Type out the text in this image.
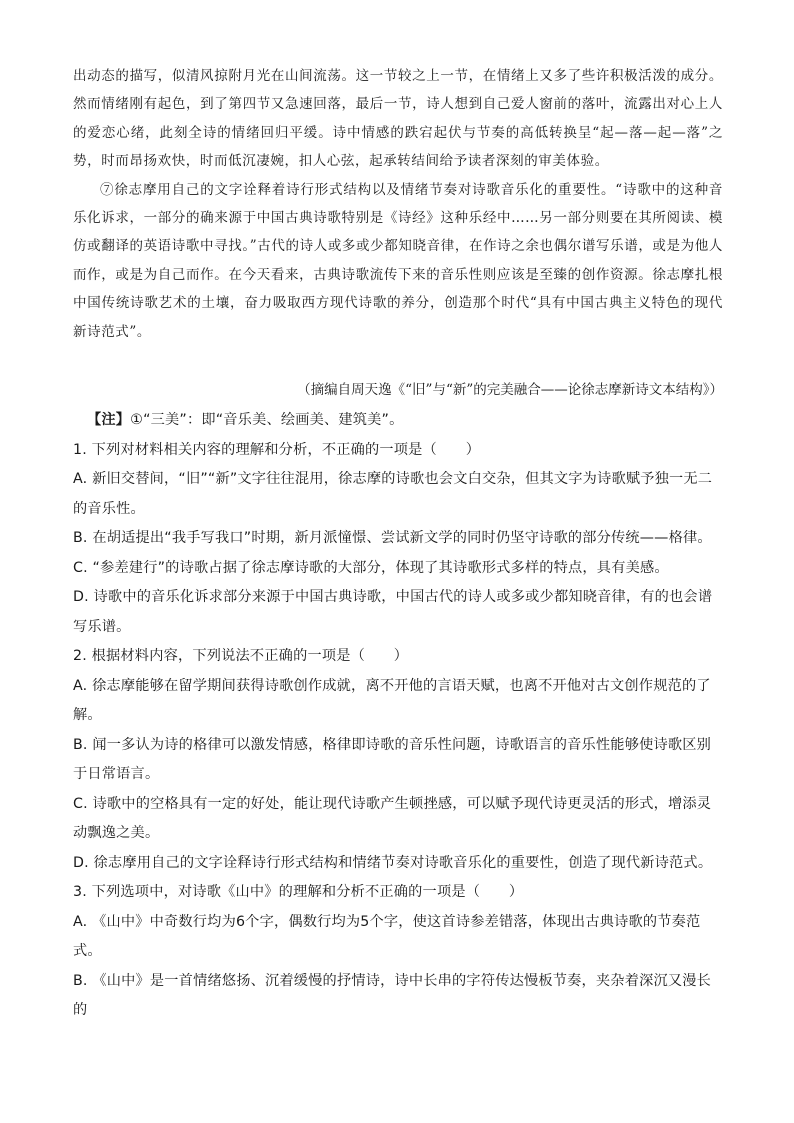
出动态的描写，似清风掠附月光在山间流荡。这一节较之上一节，在情绪上又多了些许积极活泼的成分。然而情绪刚有起色，到了第四节又急速回落，最后一节，诗人想到自己爱人窗前的落叶，流露出对心上人的爱恋心绪，此刻全诗的情绪回归平缓。诗中情感的跌宕起伏与节奏的高低转换呈“起—落—起—落”之势，时而昂扬欢快，时而低沉凄婉，扣人心弦，起承转结间给予读者深刻的审美体验。

⑦徐志摩用自己的文字诠释着诗行形式结构以及情绪节奏对诗歌音乐化的重要性。“诗歌中的这种音乐化诉求，一部分的确来源于中国古典诗歌特别是《诗经》这种乐经中……另一部分则要在其所阅读、模仿或翻译的英语诗歌中寻找。”古代的诗人或多或少都知晓音律，在作诗之余也偶尔谱写乐谱，或是为他人而作，或是为自己而作。在今天看来，古典诗歌流传下来的音乐性则应该是至臻的创作资源。徐志摩扎根中国传统诗歌艺术的土壤，奋力吸取西方现代诗歌的养分，创造那个时代“具有中国古典主义特色的现代新诗范式”。

（摘编自周天逸《“旧”与“新”的完美融合——论徐志摩新诗文本结构》）

【注】①“三美”：即“音乐美、绘画美、建筑美”。

1. 下列对材料相关内容的理解和分析，不正确的一项是（　　）

A. 新旧交替间，“旧”“新”文字往往混用，徐志摩的诗歌也会文白交杂，但其文字为诗歌赋予独一无二的音乐性。

B. 在胡适提出“我手写我口”时期，新月派憧憬、尝试新文学的同时仍坚守诗歌的部分传统——格律。

C. “参差建行”的诗歌占据了徐志摩诗歌的大部分，体现了其诗歌形式多样的特点，具有美感。

D. 诗歌中的音乐化诉求部分来源于中国古典诗歌，中国古代的诗人或多或少都知晓音律，有的也会谱写乐谱。

2. 根据材料内容，下列说法不正确的一项是（　　）

A. 徐志摩能够在留学期间获得诗歌创作成就，离不开他的言语天赋，也离不开他对古文创作规范的了解。

B. 闻一多认为诗的格律可以激发情感，格律即诗歌的音乐性问题，诗歌语言的音乐性能够使诗歌区别于日常语言。

C. 诗歌中的空格具有一定的好处，能让现代诗歌产生顿挫感，可以赋予现代诗更灵活的形式，增添灵动飘逸之美。

D. 徐志摩用自己的文字诠释诗行形式结构和情绪节奏对诗歌音乐化的重要性，创造了现代新诗范式。

3. 下列选项中，对诗歌《山中》的理解和分析不正确的一项是（　　）

A. 《山中》中奇数行均为6个字，偶数行均为5个字，使这首诗参差错落，体现出古典诗歌的节奏范式。

B. 《山中》是一首情绪悠扬、沉着缓慢的抒情诗，诗中长串的字符传达慢板节奏，夹杂着深沉又漫长的
